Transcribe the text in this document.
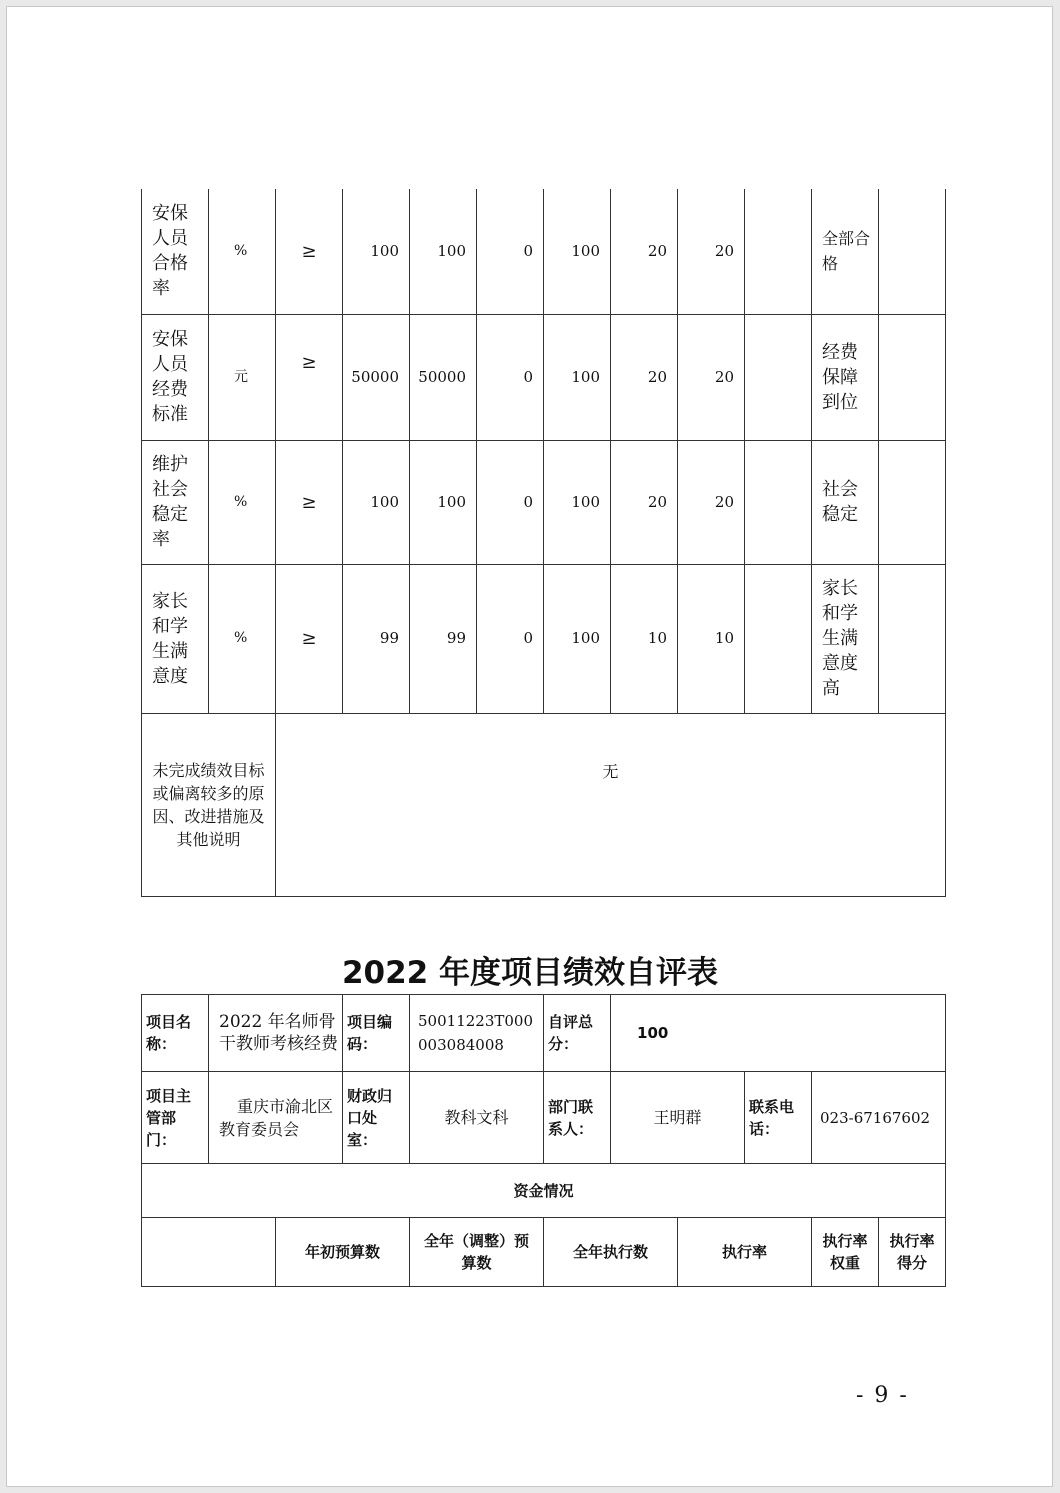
安保人员合格率	%	≥	100	100	0	100	20	20		全部合格	
安保人员经费标准	元	≥	50000	50000	0	100	20	20		经费保障到位	
维护社会稳定率	%	≥	100	100	0	100	20	20		社会稳定	
家长和学生满意度	%	≥	99	99	0	100	10	10		家长和学生满意度高	
未完成绩效目标或偏离较多的原因、改进措施及其他说明		无									
2022 年度项目绩效自评表
项目名称：	2022 年名师骨干教师考核经费		项目编码：	50011223T000003084008	自评总分：	100				
项目主管部门：	重庆市渝北区教育委员会		财政归口处室：	教科文科	部门联系人：	王明群		联系电话：	023-67167602	
资金情况										
		年初预算数		全年（调整）预算数	全年执行数		执行率		执行率权重	执行率得分
- 9 -
